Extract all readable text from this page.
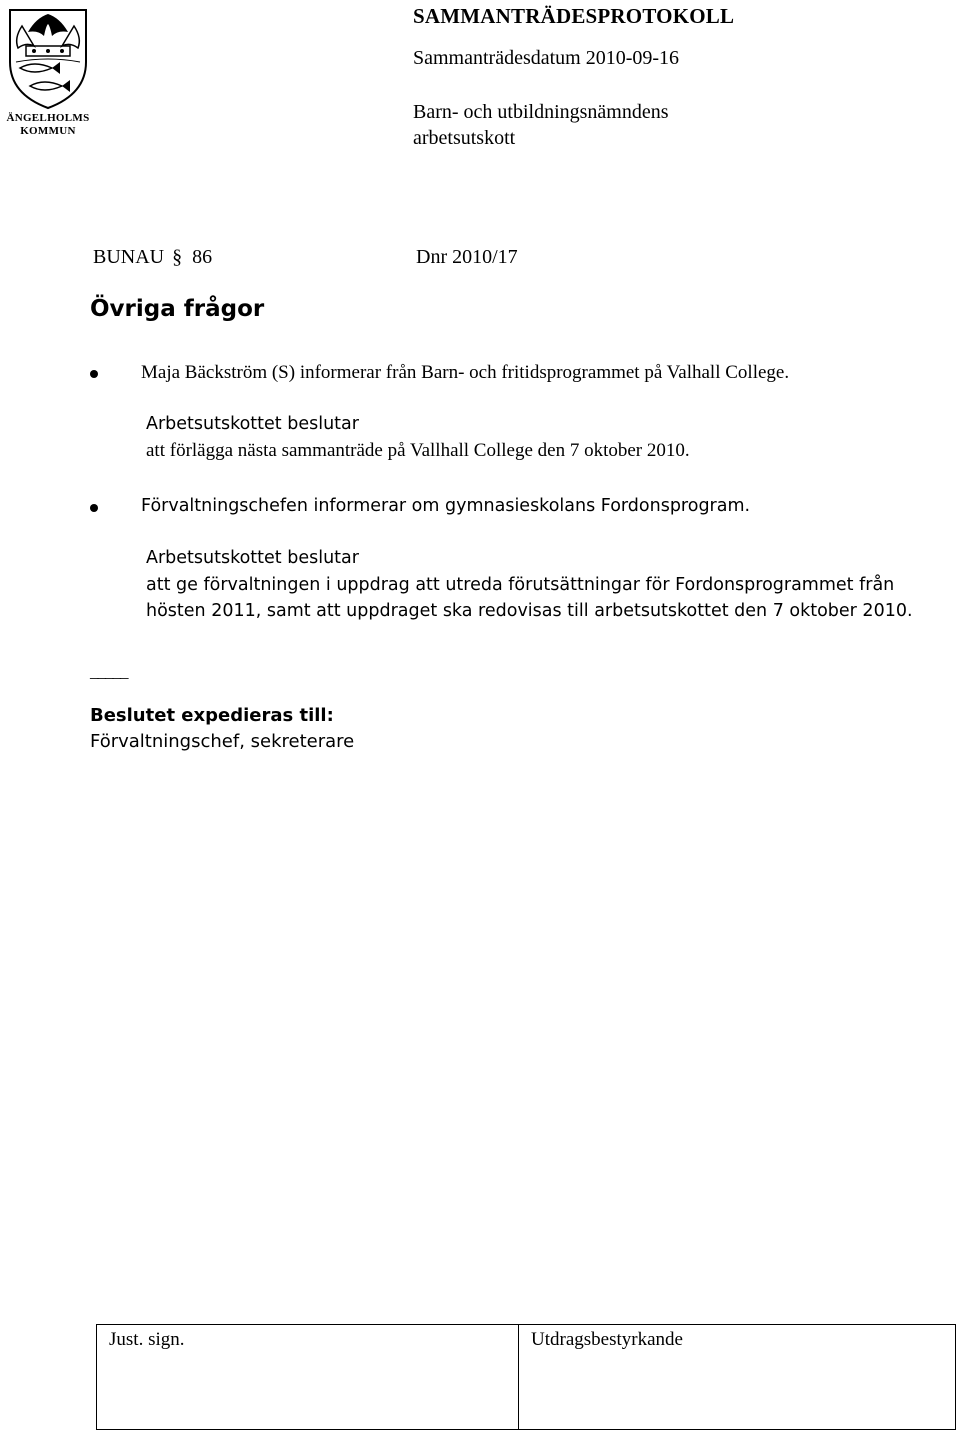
ÄNGELHOLMS
KOMMUN
SAMMANTRÄDESPROTOKOLL
Sammanträdesdatum 2010-09-16
Barn- och utbildningsnämndens
arbetsutskott
BUNAU § 86	Dnr 2010/17
Övriga frågor
Maja Bäckström (S) informerar från Barn- och fritidsprogrammet på Valhall College.
Arbetsutskottet beslutar
att förlägga nästa sammanträde på Vallhall College den 7 oktober 2010.
Förvaltningschefen informerar om gymnasieskolans Fordonsprogram.
Arbetsutskottet beslutar
att ge förvaltningen i uppdrag att utreda förutsättningar för Fordonsprogrammet från
hösten 2011, samt att uppdraget ska redovisas till arbetsutskottet den 7 oktober 2010.
_____
Beslutet expedieras till:
Förvaltningschef, sekreterare
Just. sign.	Utdragsbestyrkande
